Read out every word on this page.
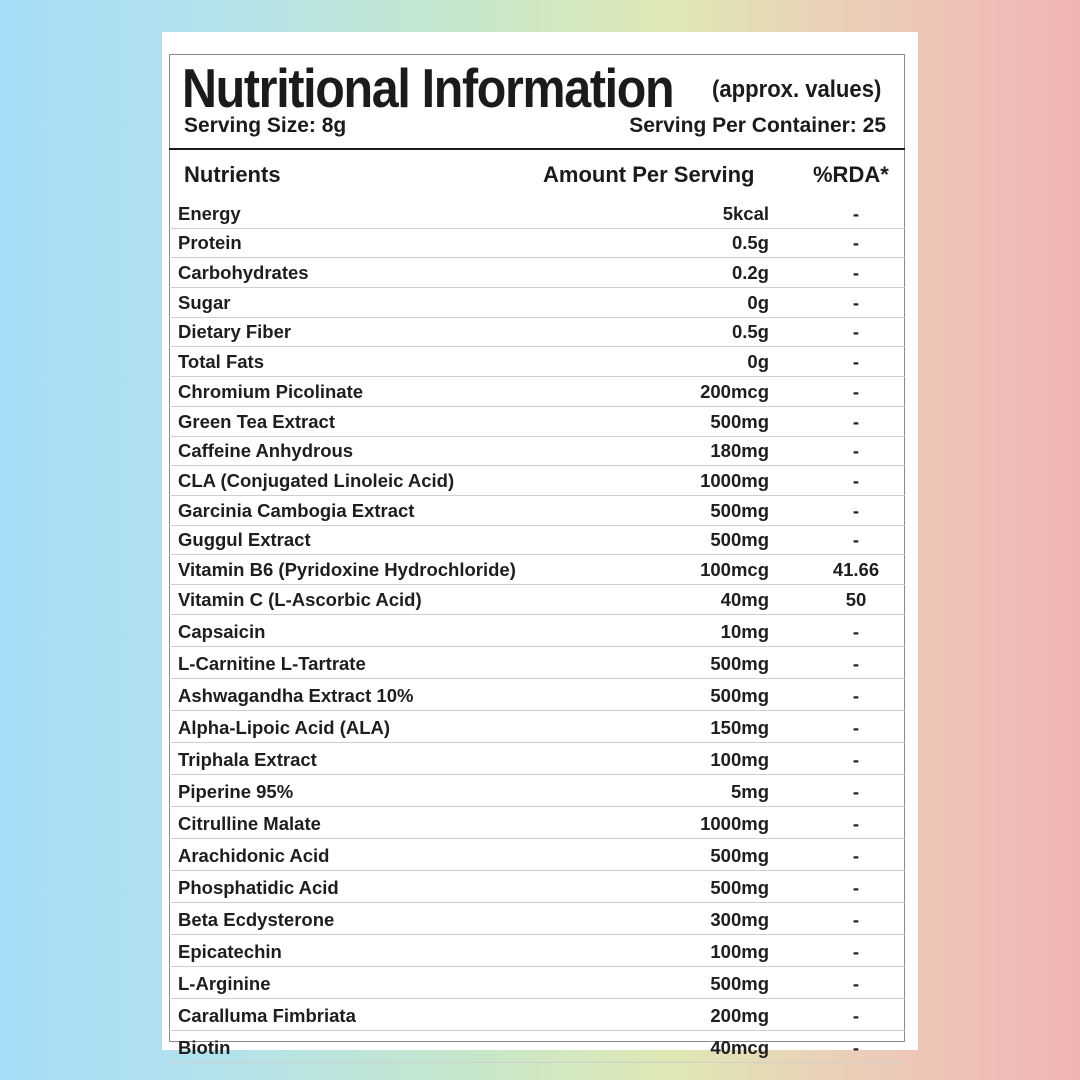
Nutritional Information	(approx. values)
Serving Size: 8g	Serving Per Container: 25
Nutrients	Amount Per Serving	%RDA*
Energy	5kcal	-
Protein	0.5g	-
Carbohydrates	0.2g	-
Sugar	0g	-
Dietary Fiber	0.5g	-
Total Fats	0g	-
Chromium Picolinate	200mcg	-
Green Tea Extract	500mg	-
Caffeine Anhydrous	180mg	-
CLA (Conjugated Linoleic Acid)	1000mg	-
Garcinia Cambogia Extract	500mg	-
Guggul Extract	500mg	-
Vitamin B6 (Pyridoxine Hydrochloride)	100mcg	41.66
Vitamin C (L-Ascorbic Acid)	40mg	50
Capsaicin	10mg	-
L-Carnitine L-Tartrate	500mg	-
Ashwagandha Extract 10%	500mg	-
Alpha-Lipoic Acid (ALA)	150mg	-
Triphala Extract	100mg	-
Piperine 95%	5mg	-
Citrulline Malate	1000mg	-
Arachidonic Acid	500mg	-
Phosphatidic Acid	500mg	-
Beta Ecdysterone	300mg	-
Epicatechin	100mg	-
L-Arginine	500mg	-
Caralluma Fimbriata	200mg	-
Biotin	40mcg	-
